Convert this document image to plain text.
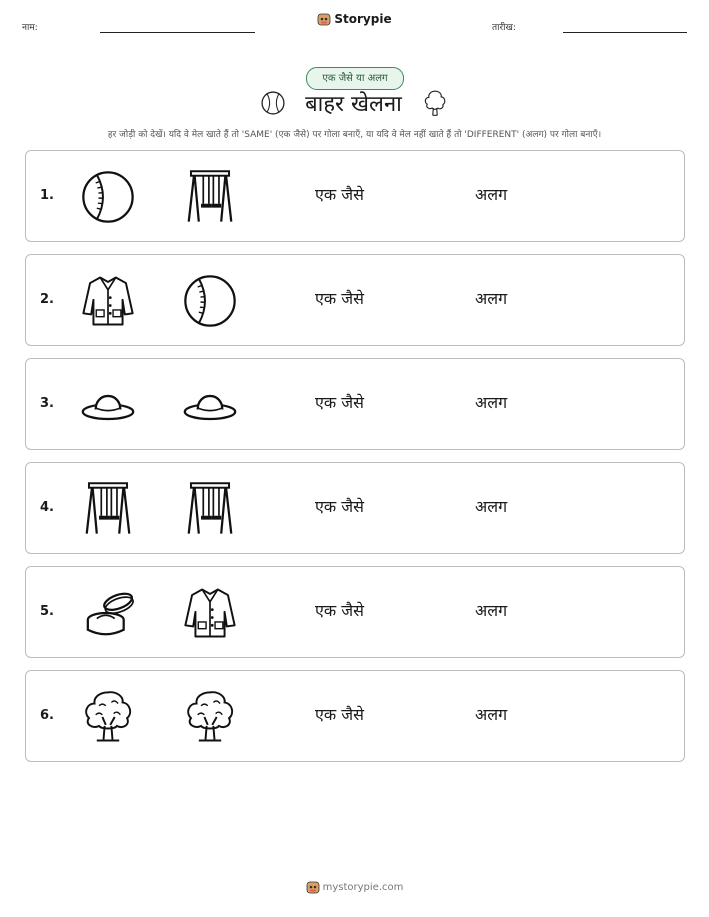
नाम:
Storypie
तारीख:
एक जैसे या अलग
बाहर खेलना
हर जोड़ी को देखें। यदि वे मेल खाते हैं तो 'SAME' (एक जैसे) पर गोला बनाएँ, या यदि वे मेल नहीं खाते हैं तो 'DIFFERENT' (अलग) पर गोला बनाएँ।
1.	एक जैसे	अलग
2.	एक जैसे	अलग
3.	एक जैसे	अलग
4.	एक जैसे	अलग
5.	एक जैसे	अलग
6.	एक जैसे	अलग
mystorypie.com
